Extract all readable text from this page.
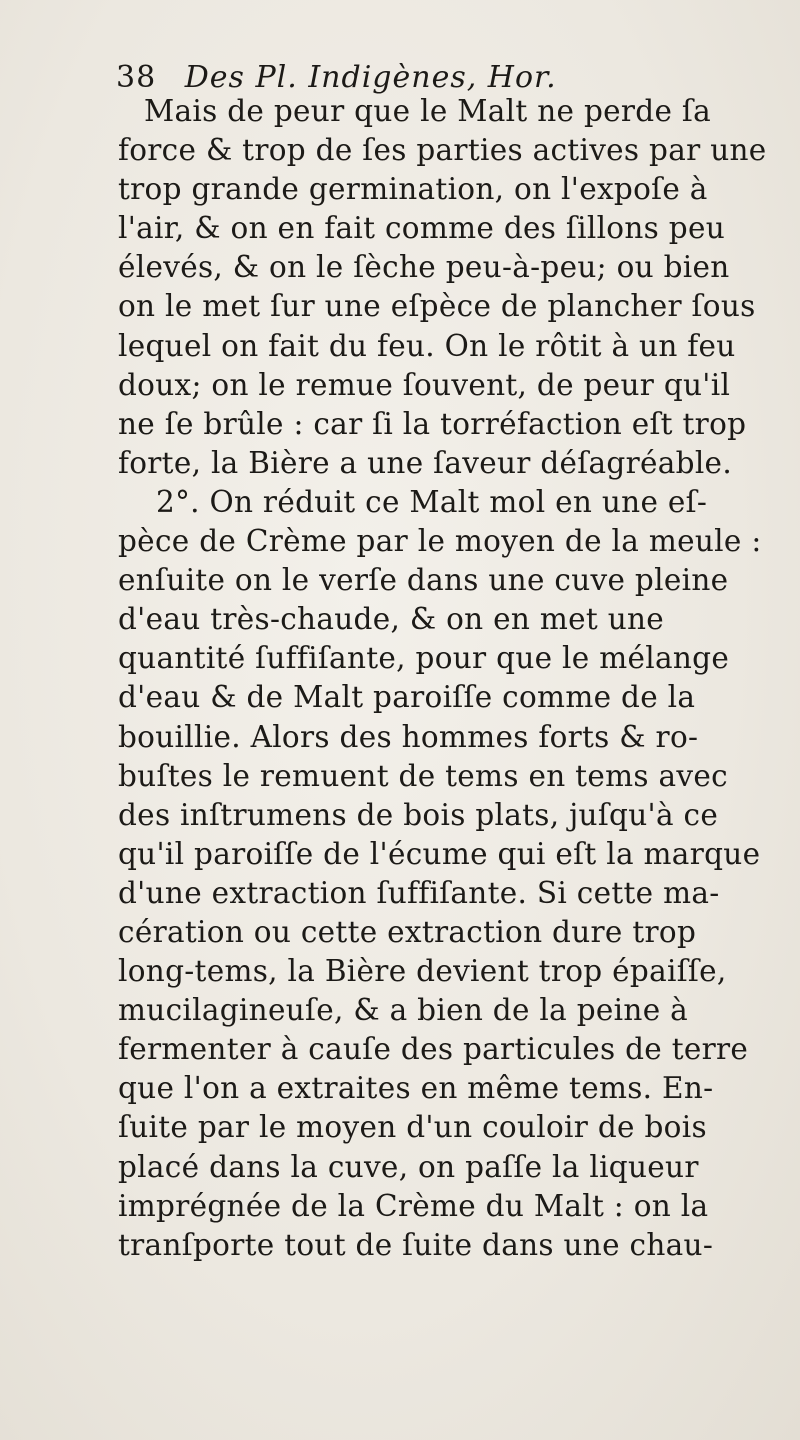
38 Des Pl. Indigènes, Hor.
Mais de peur que le Malt ne perde ſa
force & trop de ſes parties actives par une
trop grande germination, on l'expoſe à
l'air, & on en fait comme des ſillons peu
élevés, & on le ſèche peu-à-peu; ou bien
on le met ſur une eſpèce de plancher ſous
lequel on fait du feu. On le rôtit à un feu
doux; on le remue ſouvent, de peur qu'il
ne ſe brûle : car ſi la torréfaction eſt trop
forte, la Bière a une ſaveur déſagréable.
2°. On réduit ce Malt mol en une eſ-
pèce de Crème par le moyen de la meule :
enſuite on le verſe dans une cuve pleine
d'eau très-chaude, & on en met une
quantité ſuffiſante, pour que le mélange
d'eau & de Malt paroiſſe comme de la
bouillie. Alors des hommes forts & ro-
buſtes le remuent de tems en tems avec
des inſtrumens de bois plats, juſqu'à ce
qu'il paroiſſe de l'écume qui eſt la marque
d'une extraction ſuffiſante. Si cette ma-
cération ou cette extraction dure trop
long-tems, la Bière devient trop épaiſſe,
mucilagineuſe, & a bien de la peine à
fermenter à cauſe des particules de terre
que l'on a extraites en même tems. En-
ſuite par le moyen d'un couloir de bois
placé dans la cuve, on paſſe la liqueur
imprégnée de la Crème du Malt : on la
tranſporte tout de ſuite dans une chau-
